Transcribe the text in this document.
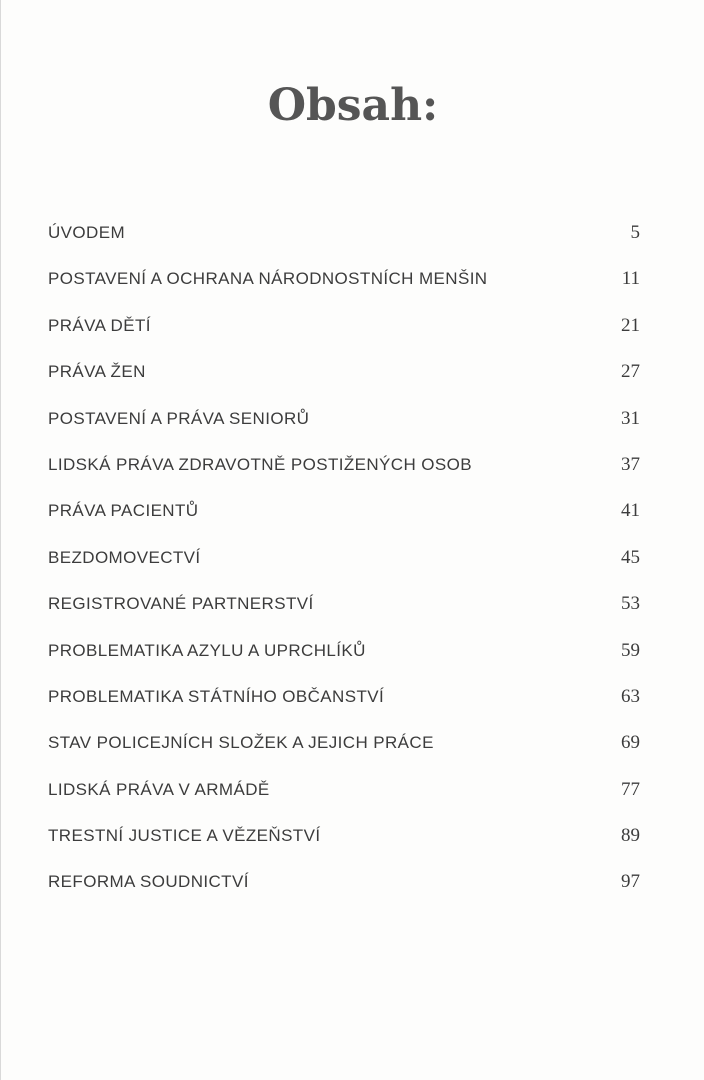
Obsah:
ÚVODEM	5
POSTAVENÍ A OCHRANA NÁRODNOSTNÍCH MENŠIN	11
PRÁVA DĚTÍ	21
PRÁVA ŽEN	27
POSTAVENÍ A PRÁVA SENIORŮ	31
LIDSKÁ PRÁVA ZDRAVOTNĚ POSTIŽENÝCH OSOB	37
PRÁVA PACIENTŮ	41
BEZDOMOVECTVÍ	45
REGISTROVANÉ PARTNERSTVÍ	53
PROBLEMATIKA AZYLU A UPRCHLÍKŮ	59
PROBLEMATIKA STÁTNÍHO OBČANSTVÍ	63
STAV POLICEJNÍCH SLOŽEK A JEJICH PRÁCE	69
LIDSKÁ PRÁVA V ARMÁDĚ	77
TRESTNÍ JUSTICE A VĚZEŇSTVÍ	89
REFORMA SOUDNICTVÍ	97
